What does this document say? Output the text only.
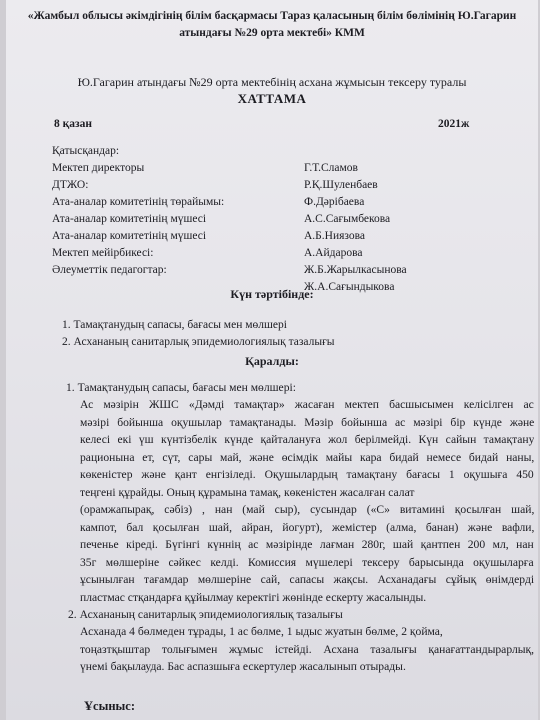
«Жамбыл облысы әкімдігінің білім басқармасы Тараз қаласының білім бөлімінің Ю.Гагарин
атындағы №29 орта мектебі» КММ
Ю.Гагарин атындағы №29 орта мектебінің асхана жұмысын тексеру туралы
ХАТТАМА
8 қазан	2021ж
Қатысқандар:
Мектеп директоры	Г.Т.Сламов
ДТЖО:	Р.Қ.Шуленбаев
Ата-аналар комитетінің төрайымы:	Ф.Дәрібаева
Ата-аналар комитетінің мүшесі	А.С.Сағымбекова
Ата-аналар комитетінің мүшесі	А.Б.Ниязова
Мектеп мейірбикесі:	А.Айдарова
Әлеуметтік педагогтар:	Ж.Б.Жарылкасынова
Ж.А.Сағындыкова
Күн тәртібінде:
1. Тамақтанудың сапасы, бағасы мен мөлшері
2. Асхананың санитарлық эпидемиологиялық тазалығы
Қаралды:
1. Тамақтанудың сапасы, бағасы мен мөлшері:
Ас мәзірін ЖШС «Дәмді тамақтар» жасаған мектеп басшысымен келісілген ас
мәзірі бойынша оқушылар тамақтанады. Мәзір бойынша ас мәзірі бір күнде және
келесі екі үш күнтізбелік күнде қайталануға жол берілмейді. Күн сайын тамақтану
рационына ет, сүт, сары май, және өсімдік майы кара бидай немесе бидай наны,
көкеністер және қант енгізіледі. Оқушылардың тамақтану бағасы 1 оқушыға 450
теңгені құрайды. Оның құрамына тамақ, көкеністен жасалған салат
(орамжапырақ, сәбіз) , нан (май сыр), сусындар («С» витамині қосылған шай,
кампот, бал қосылған шай, айран, йогурт), жемістер (алма, банан) және вафли,
печенье кіреді. Бүгінгі күннің ас мәзірінде лағман 280г, шай қантпен 200 мл, нан
35г мөлшеріне сәйкес келді. Комиссия мүшелері тексеру барысында оқушыларға
ұсынылған тағамдар мөлшеріне сай, сапасы жақсы. Асханадағы сұйық өнімдерді
пластмас стқандарға құйылмау керектігі жөнінде ескерту жасалынды.
2. Асхананың санитарлық эпидемиологиялық тазалығы
Асханада 4 бөлмеден тұрады, 1 ас бөлме, 1 ыдыс жуатын бөлме, 2 қойма,
тоңазтқыштар толығымен жұмыс істейді. Асхана тазалығы қанағаттандырарлық,
үнемі бақылауда. Бас аспазшыға ескертулер жасалынып отырады.
Ұсыныс:
